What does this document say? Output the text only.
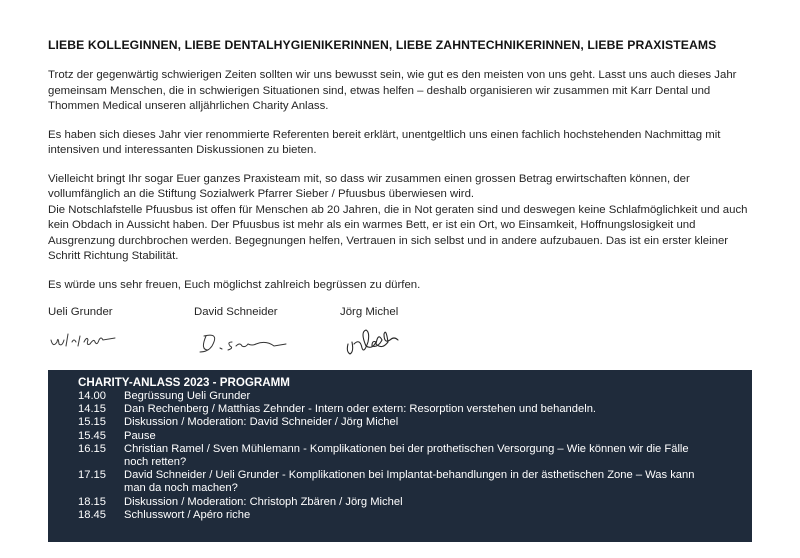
LIEBE KOLLEGINNEN, LIEBE DENTALHYGIENIKERINNEN, LIEBE ZAHNTECHNIKERINNEN, LIEBE PRAXISTEAMS

Trotz der gegenwärtig schwierigen Zeiten sollten wir uns bewusst sein, wie gut es den meisten von uns geht. Lasst uns auch dieses Jahr gemeinsam Menschen, die in schwierigen Situationen sind, etwas helfen – deshalb organisieren wir zusammen mit Karr Dental und Thommen Medical unseren alljährlichen Charity Anlass.

Es haben sich dieses Jahr vier renommierte Referenten bereit erklärt, unentgeltlich uns einen fachlich hochstehenden Nachmittag mit intensiven und interessanten Diskussionen zu bieten.

Vielleicht bringt Ihr sogar Euer ganzes Praxisteam mit, so dass wir zusammen einen grossen Betrag erwirtschaften können, der vollumfänglich an die Stiftung Sozialwerk Pfarrer Sieber / Pfuusbus überwiesen wird.

Die Notschlafstelle Pfuusbus ist offen für Menschen ab 20 Jahren, die in Not geraten sind und deswegen keine Schlafmöglichkeit und auch kein Obdach in Aussicht haben. Der Pfuusbus ist mehr als ein warmes Bett, er ist ein Ort, wo Einsamkeit, Hoffnungslosigkeit und Ausgrenzung durchbrochen werden. Begegnungen helfen, Vertrauen in sich selbst und in andere aufzubauen. Das ist ein erster kleiner Schritt Richtung Stabilität.

Es würde uns sehr freuen, Euch möglichst zahlreich begrüssen zu dürfen.

Ueli Grunder	David Schneider	Jörg Michel
CHARITY-ANLASS 2023 - PROGRAMM
14.00	Begrüssung Ueli Grunder
14.15	Dan Rechenberg / Matthias Zehnder - Intern oder extern: Resorption verstehen und behandeln.
15.15	Diskussion / Moderation: David Schneider / Jörg Michel
15.45	Pause
16.15	Christian Ramel / Sven Mühlemann - Komplikationen bei der prothetischen Versorgung – Wie können wir die Fälle
noch retten?
17.15	David Schneider / Ueli Grunder - Komplikationen bei Implantat-behandlungen in der ästhetischen Zone – Was kann
man da noch machen?
18.15	Diskussion / Moderation: Christoph Zbären / Jörg Michel
18.45	Schlusswort / Apéro riche
